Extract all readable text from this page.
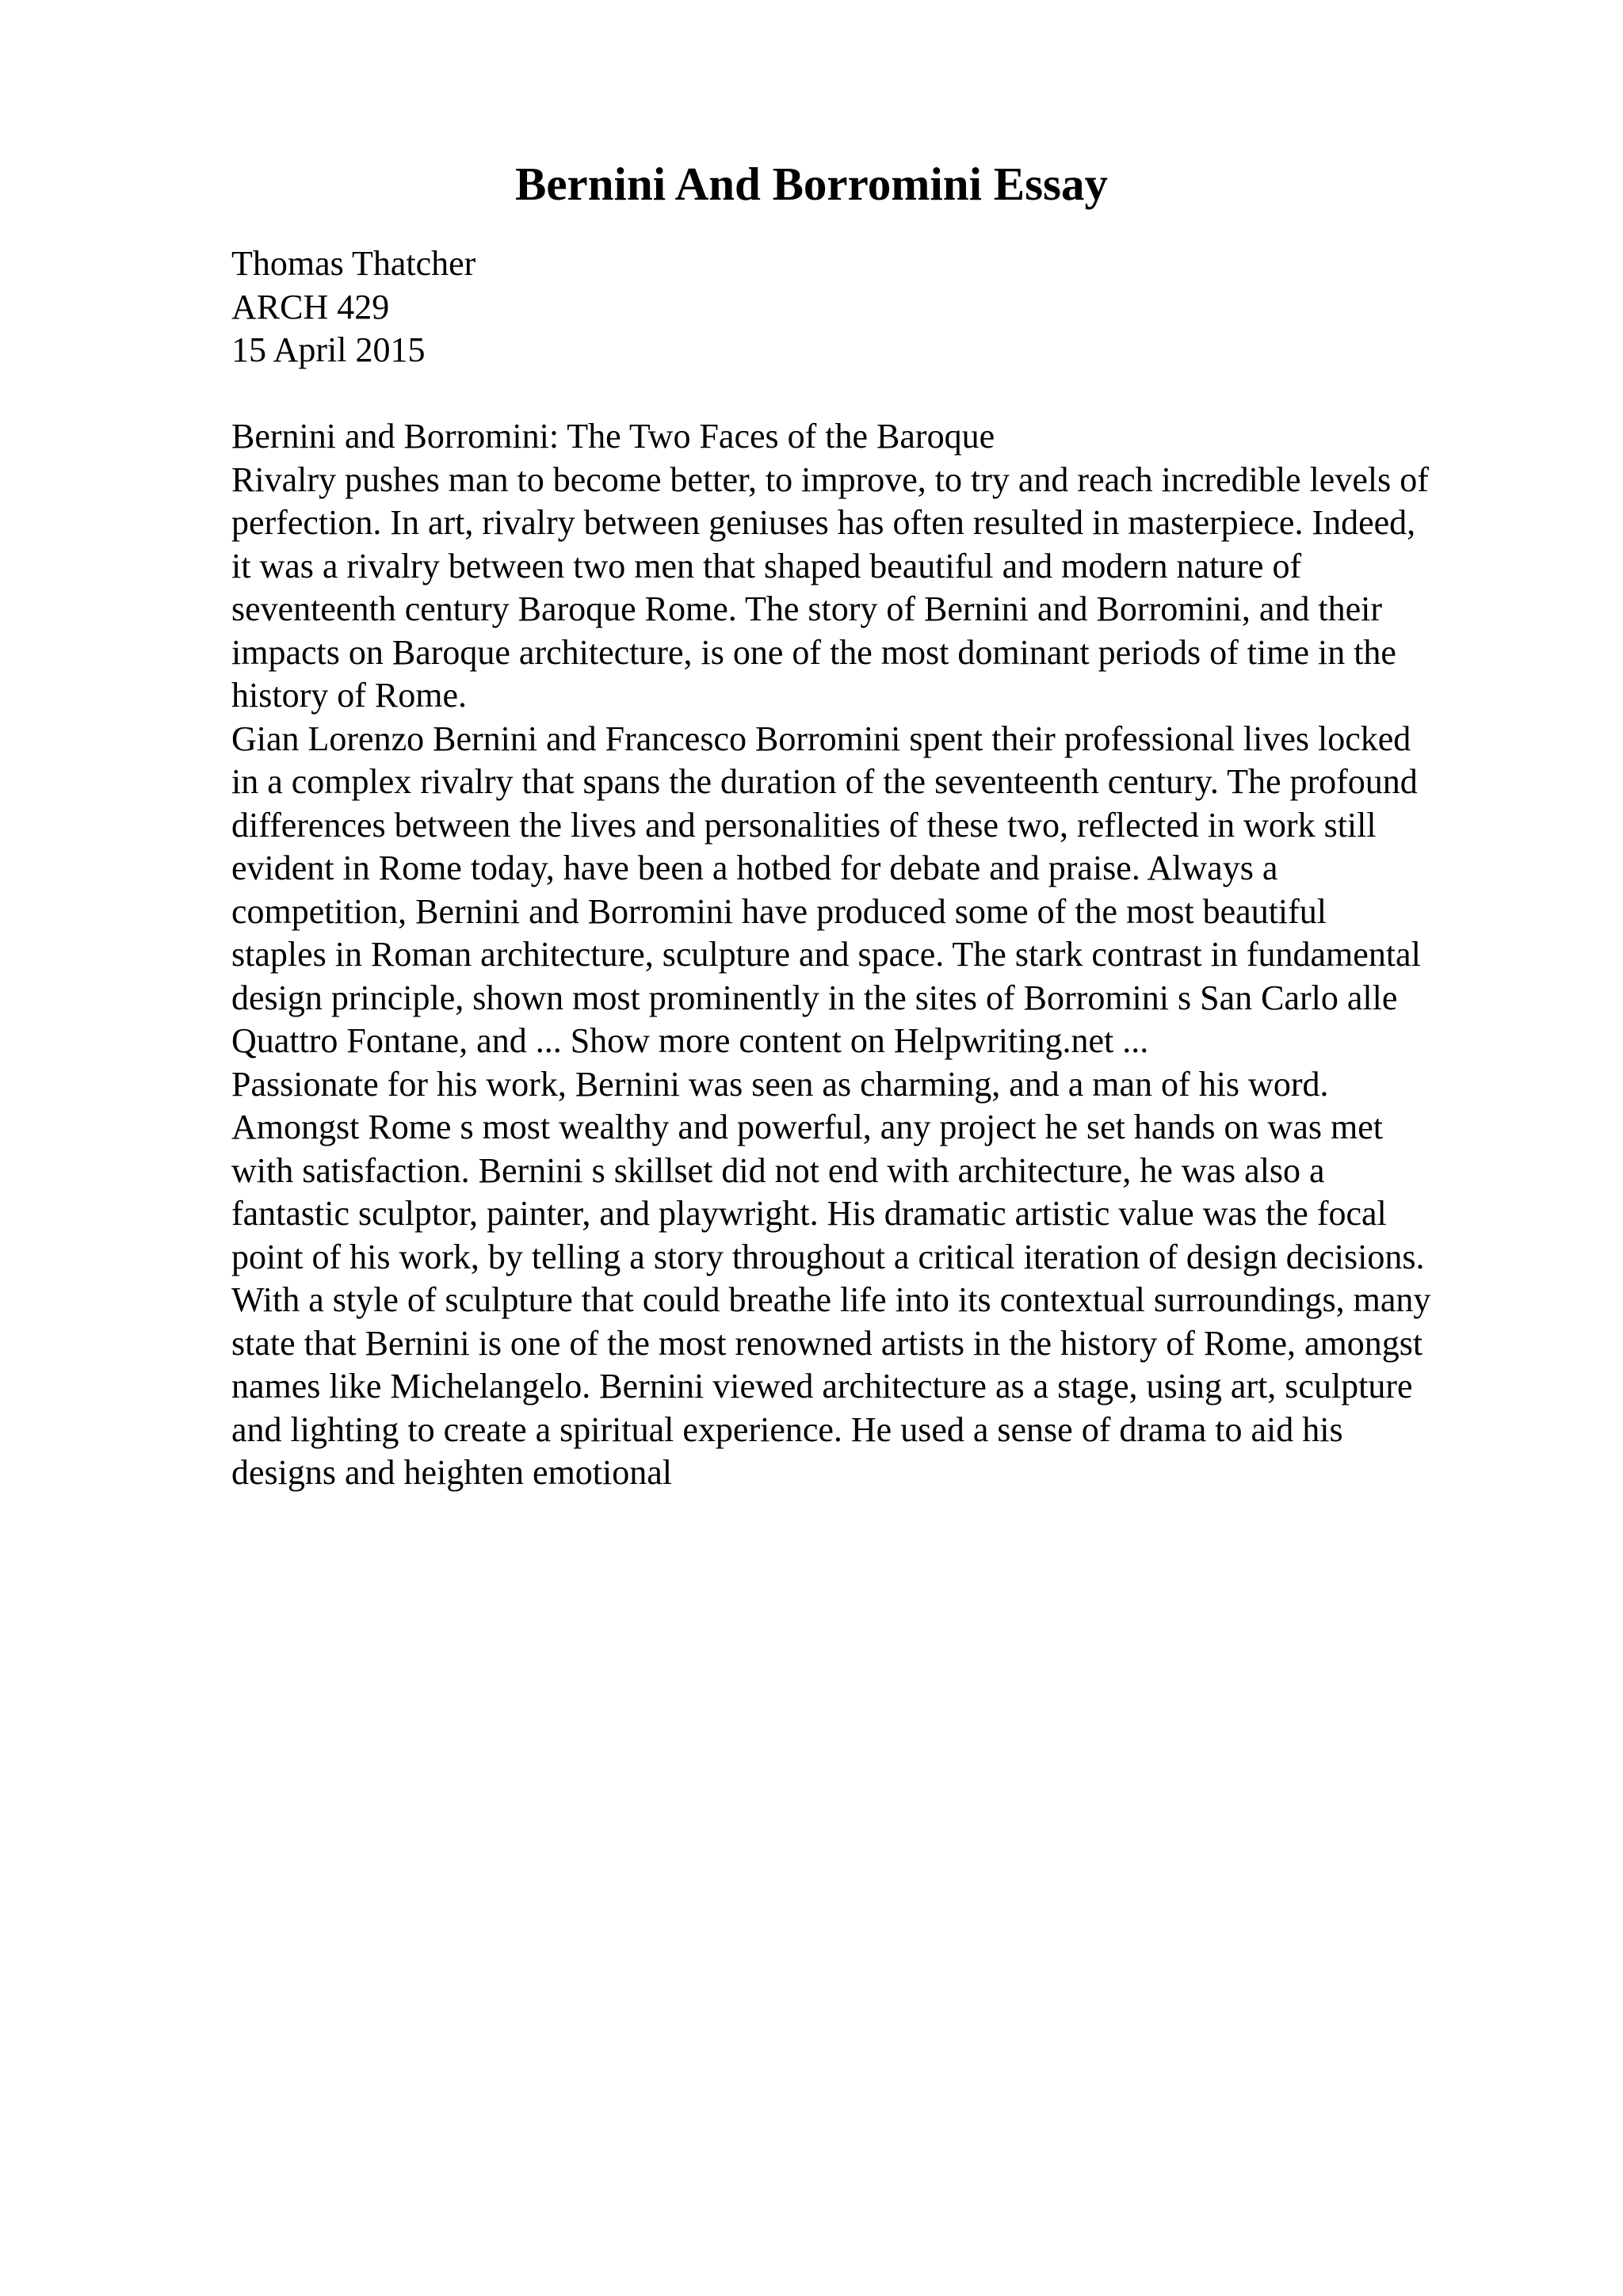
Bernini And Borromini Essay
Thomas Thatcher
ARCH 429
15 April 2015
Bernini and Borromini: The Two Faces of the Baroque
Rivalry pushes man to become better, to improve, to try and reach incredible levels of
perfection. In art, rivalry between geniuses has often resulted in masterpiece. Indeed,
it was a rivalry between two men that shaped beautiful and modern nature of
seventeenth century Baroque Rome. The story of Bernini and Borromini, and their
impacts on Baroque architecture, is one of the most dominant periods of time in the
history of Rome.
Gian Lorenzo Bernini and Francesco Borromini spent their professional lives locked
in a complex rivalry that spans the duration of the seventeenth century. The profound
differences between the lives and personalities of these two, reflected in work still
evident in Rome today, have been a hotbed for debate and praise. Always a
competition, Bernini and Borromini have produced some of the most beautiful
staples in Roman architecture, sculpture and space. The stark contrast in fundamental
design principle, shown most prominently in the sites of Borromini s San Carlo alle
Quattro Fontane, and ... Show more content on Helpwriting.net ...
Passionate for his work, Bernini was seen as charming, and a man of his word.
Amongst Rome s most wealthy and powerful, any project he set hands on was met
with satisfaction. Bernini s skillset did not end with architecture, he was also a
fantastic sculptor, painter, and playwright. His dramatic artistic value was the focal
point of his work, by telling a story throughout a critical iteration of design decisions.
With a style of sculpture that could breathe life into its contextual surroundings, many
state that Bernini is one of the most renowned artists in the history of Rome, amongst
names like Michelangelo. Bernini viewed architecture as a stage, using art, sculpture
and lighting to create a spiritual experience. He used a sense of drama to aid his
designs and heighten emotional
